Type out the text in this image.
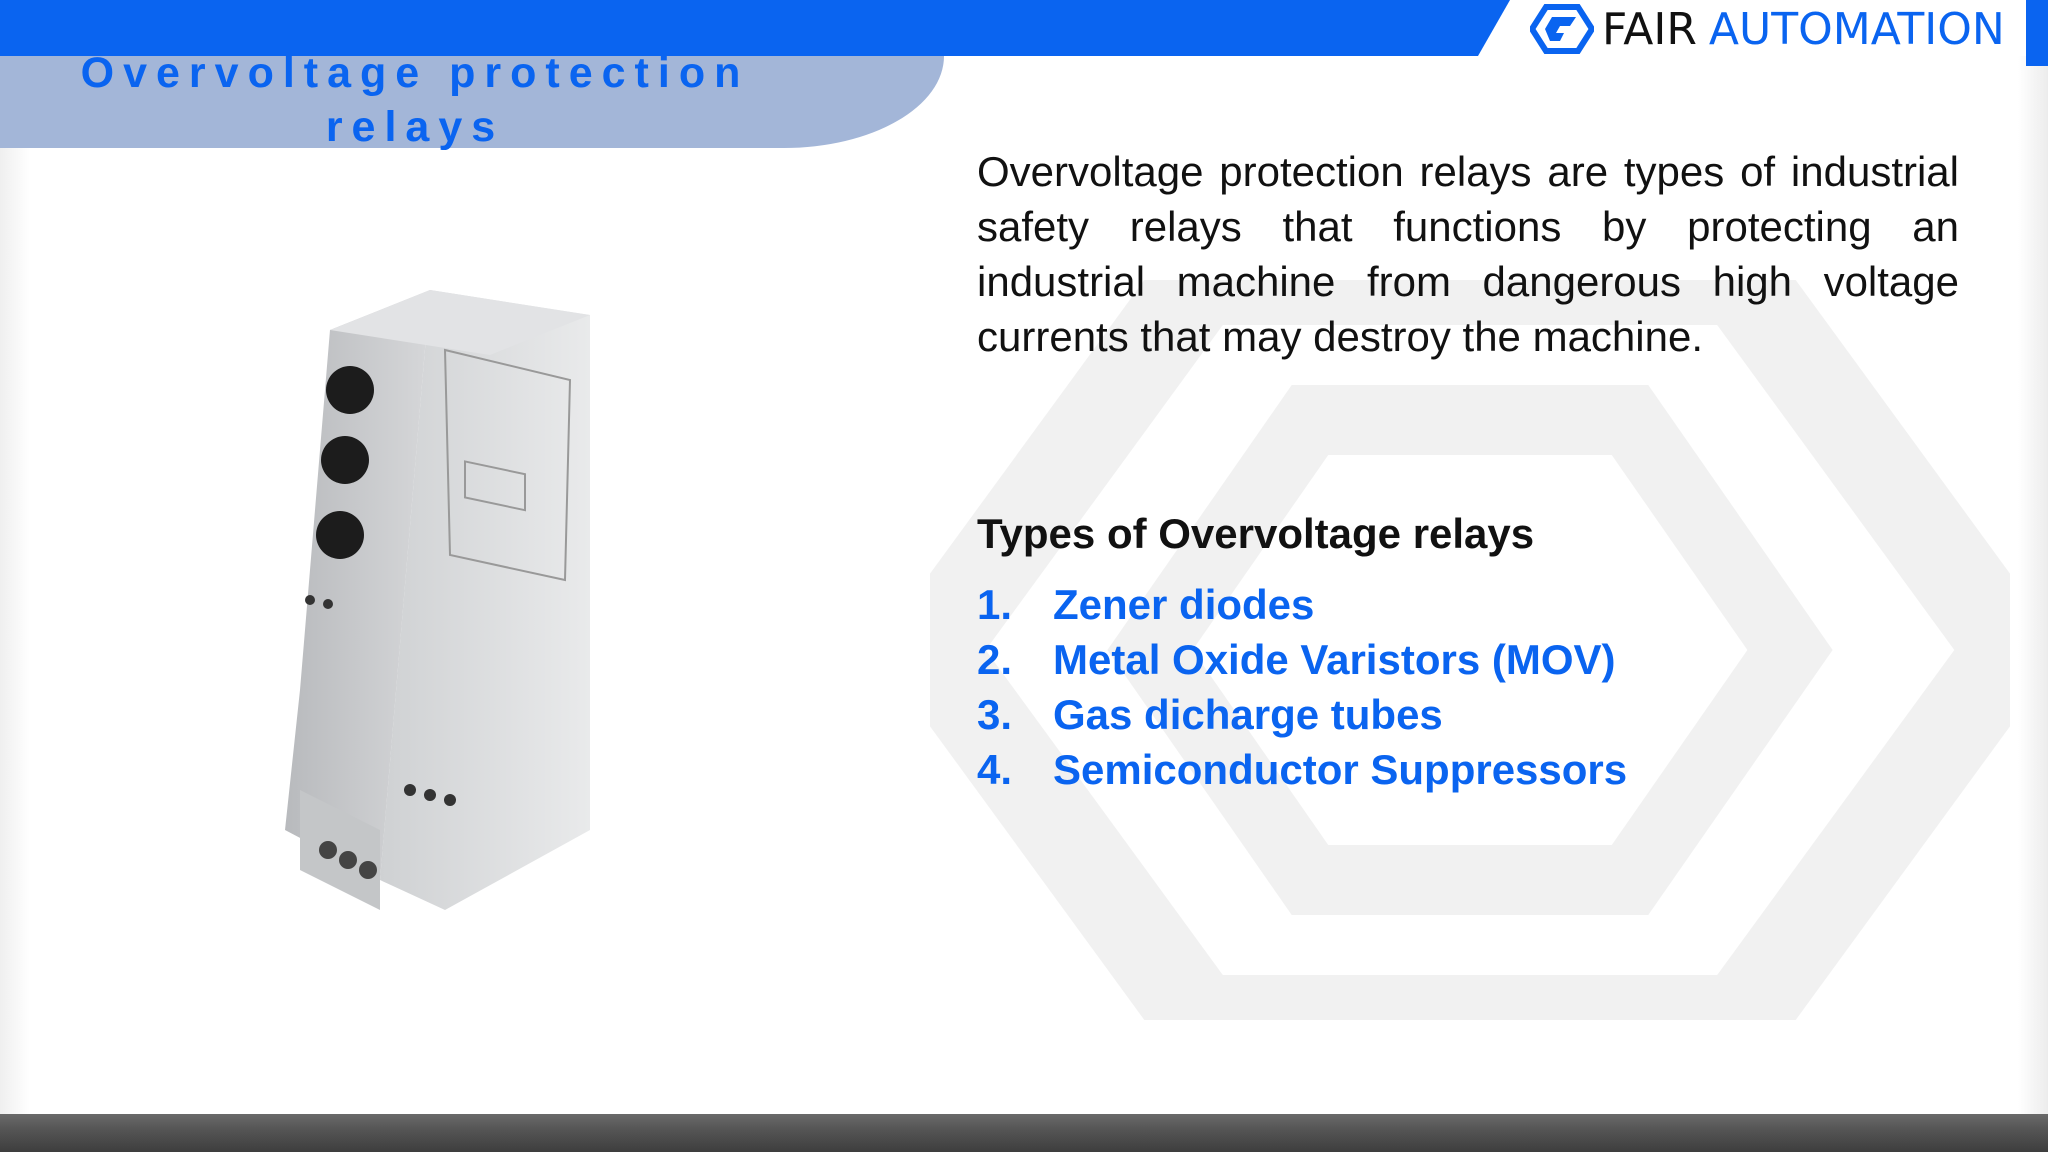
FAIR AUTOMATION
Overvoltage protection relays
Overvoltage protection relays are types of industrial safety relays that functions by protecting an industrial machine from dangerous high voltage currents that may destroy the machine.
Types of Overvoltage relays
1. Zener diodes
2. Metal Oxide Varistors (MOV)
3. Gas dicharge tubes
4. Semiconductor Suppressors
